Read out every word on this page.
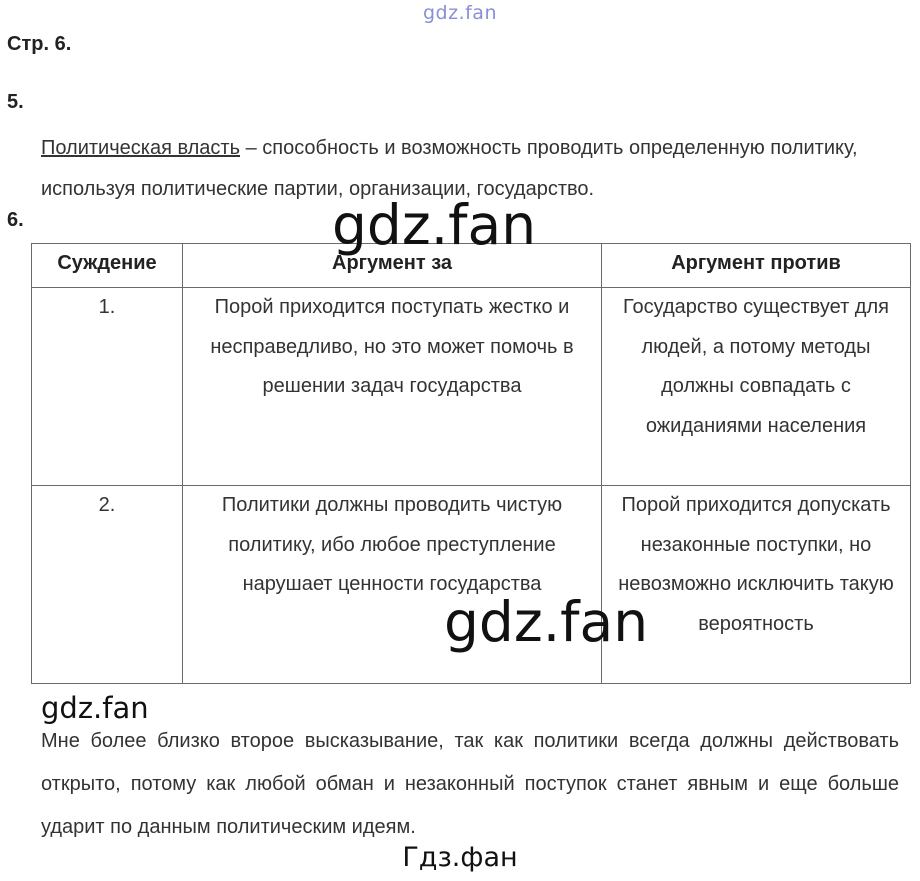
gdz.fan
Стр. 6.
5.
Политическая власть – способность и возможность проводить определенную политику, используя политические партии, организации, государство.
6.
Суждение	Аргумент за	Аргумент против
1.	Порой приходится поступать жестко и несправедливо, но это может помочь в решении задач государства	Государство существует для людей, а потому методы должны совпадать с ожиданиями населения
2.	Политики должны проводить чистую политику, ибо любое преступление нарушает ценности государства	Порой приходится допускать незаконные поступки, но невозможно исключить такую вероятность
gdz.fan
gdz.fan
gdz.fan
Мне более близко второе высказывание, так как политики всегда должны действовать открыто, потому как любой обман и незаконный поступок станет явным и еще больше ударит по данным политическим идеям.
Гдз.фан
